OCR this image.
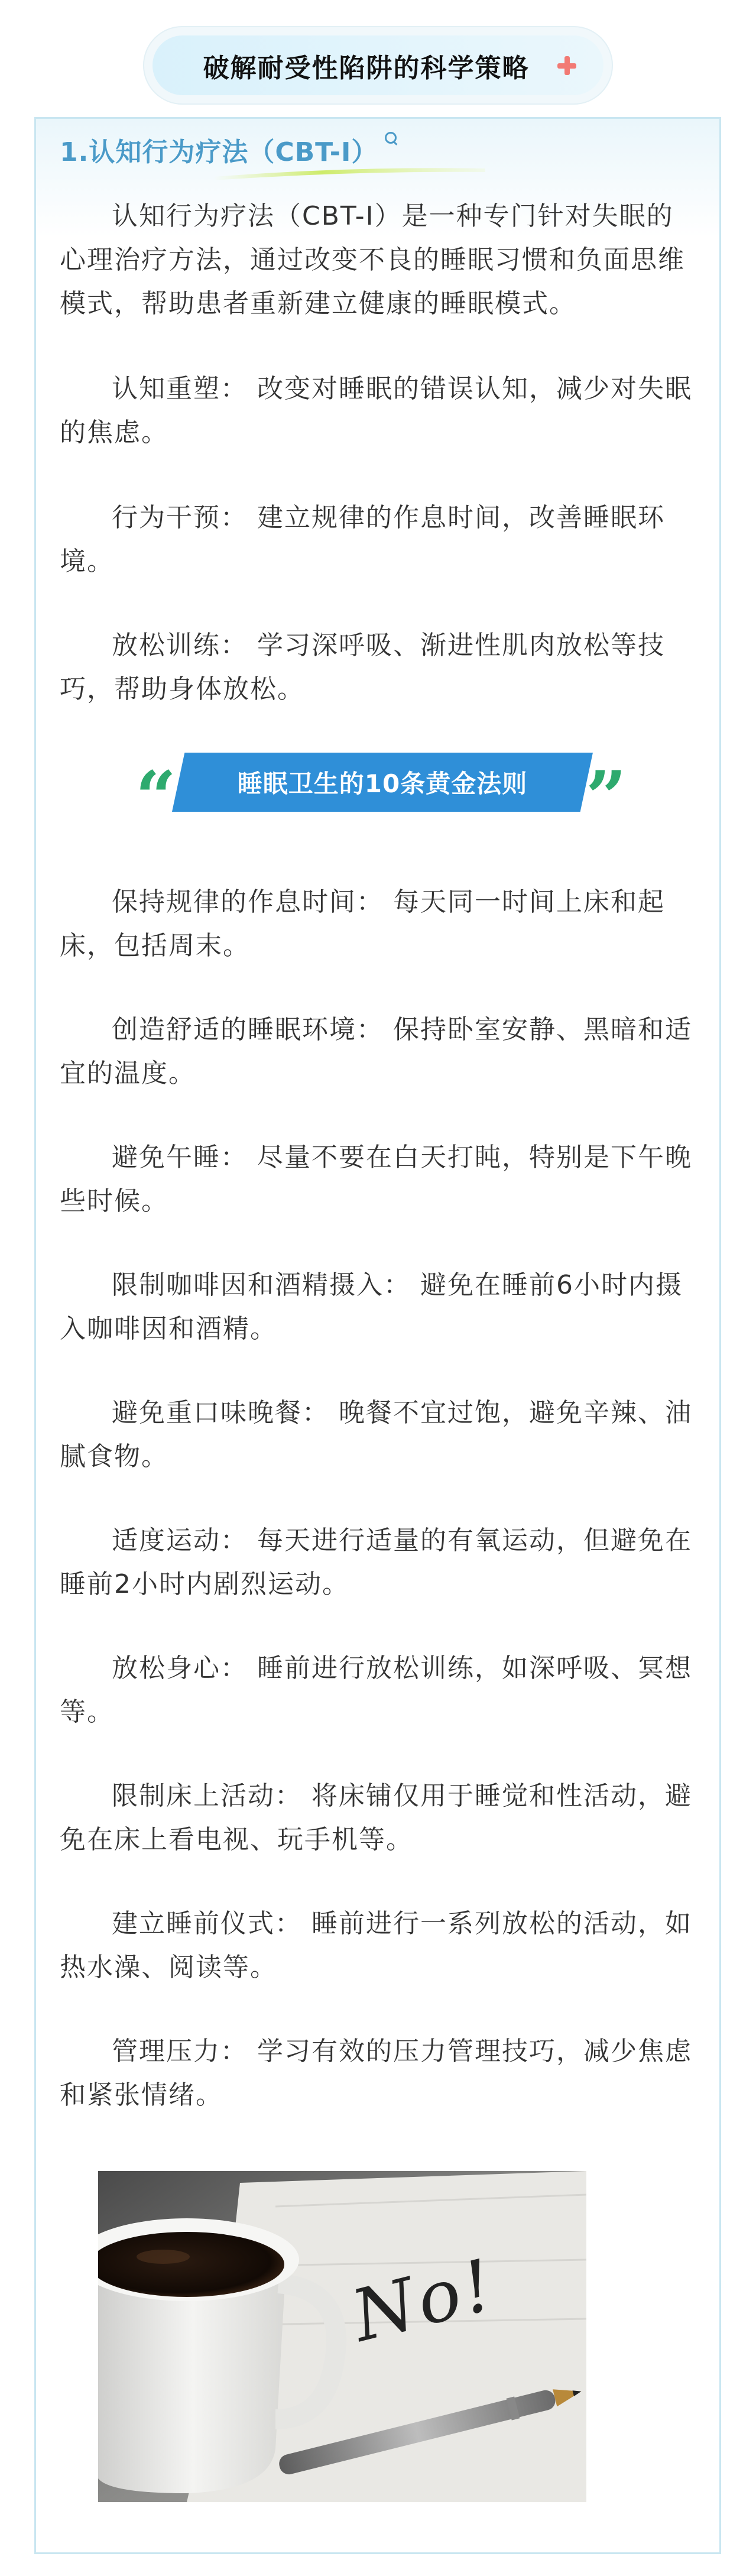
破解耐受性陷阱的科学策略
1.认知行为疗法（CBT-I）

认知行为疗法（CBT-I）是一种专门针对失眠的心理治疗方法，通过改变不良的睡眠习惯和负面思维模式，帮助患者重新建立健康的睡眠模式。

认知重塑： 改变对睡眠的错误认知，减少对失眠的焦虑。

行为干预： 建立规律的作息时间，改善睡眠环境。

放松训练： 学习深呼吸、渐进性肌肉放松等技巧，帮助身体放松。

“	睡眠卫生的10条黄金法则 ”

保持规律的作息时间： 每天同一时间上床和起床，包括周末。

创造舒适的睡眠环境： 保持卧室安静、黑暗和适宜的温度。

避免午睡： 尽量不要在白天打盹，特别是下午晚些时候。

限制咖啡因和酒精摄入： 避免在睡前6小时内摄入咖啡因和酒精。

避免重口味晚餐： 晚餐不宜过饱，避免辛辣、油腻食物。

适度运动： 每天进行适量的有氧运动，但避免在睡前2小时内剧烈运动。

放松身心： 睡前进行放松训练，如深呼吸、冥想等。

限制床上活动： 将床铺仅用于睡觉和性活动，避免在床上看电视、玩手机等。

建立睡前仪式： 睡前进行一系列放松的活动，如热水澡、阅读等。

管理压力： 学习有效的压力管理技巧，减少焦虑和紧张情绪。

No!
